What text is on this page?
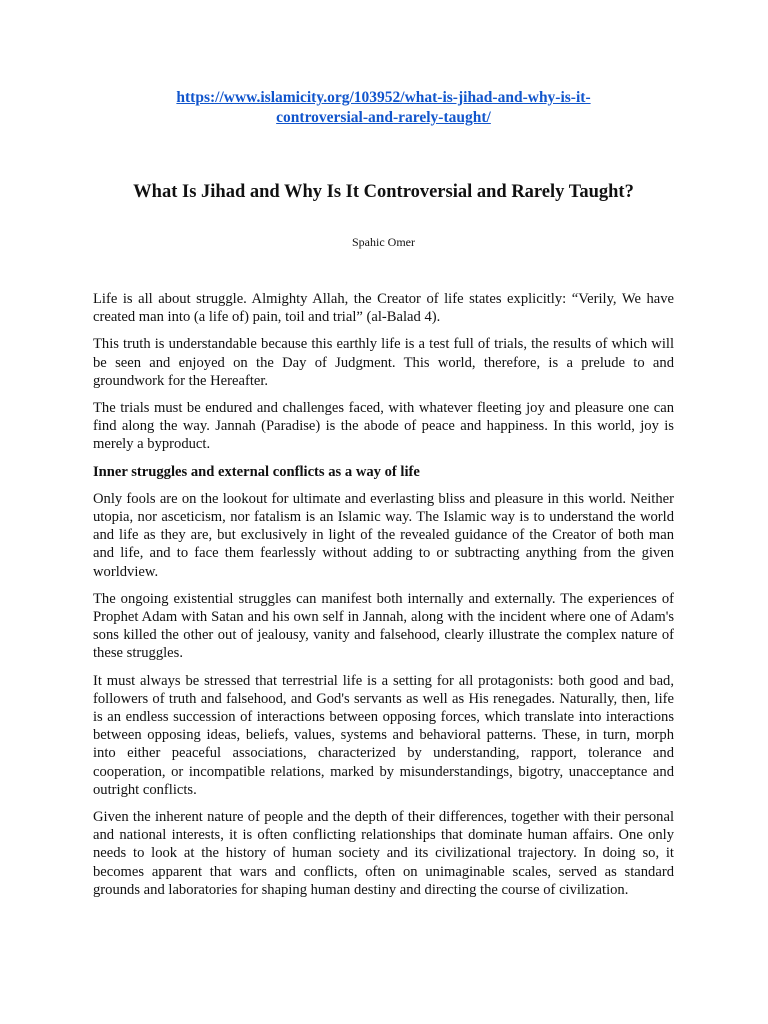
https://www.islamicity.org/103952/what-is-jihad-and-why-is-it-controversial-and-rarely-taught/
What Is Jihad and Why Is It Controversial and Rarely Taught?
Spahic Omer
Life is all about struggle. Almighty Allah, the Creator of life states explicitly: “Verily, We have created man into (a life of) pain, toil and trial” (al-Balad 4).
This truth is understandable because this earthly life is a test full of trials, the results of which will be seen and enjoyed on the Day of Judgment. This world, therefore, is a prelude to and groundwork for the Hereafter.
The trials must be endured and challenges faced, with whatever fleeting joy and pleasure one can find along the way. Jannah (Paradise) is the abode of peace and happiness. In this world, joy is merely a byproduct.
Inner struggles and external conflicts as a way of life
Only fools are on the lookout for ultimate and everlasting bliss and pleasure in this world. Neither utopia, nor asceticism, nor fatalism is an Islamic way. The Islamic way is to understand the world and life as they are, but exclusively in light of the revealed guidance of the Creator of both man and life, and to face them fearlessly without adding to or subtracting anything from the given worldview.
The ongoing existential struggles can manifest both internally and externally. The experiences of Prophet Adam with Satan and his own self in Jannah, along with the incident where one of Adam's sons killed the other out of jealousy, vanity and falsehood, clearly illustrate the complex nature of these struggles.
It must always be stressed that terrestrial life is a setting for all protagonists: both good and bad, followers of truth and falsehood, and God's servants as well as His renegades. Naturally, then, life is an endless succession of interactions between opposing forces, which translate into interactions between opposing ideas, beliefs, values, systems and behavioral patterns. These, in turn, morph into either peaceful associations, characterized by understanding, rapport, tolerance and cooperation, or incompatible relations, marked by misunderstandings, bigotry, unacceptance and outright conflicts.
Given the inherent nature of people and the depth of their differences, together with their personal and national interests, it is often conflicting relationships that dominate human affairs. One only needs to look at the history of human society and its civilizational trajectory. In doing so, it becomes apparent that wars and conflicts, often on unimaginable scales, served as standard grounds and laboratories for shaping human destiny and directing the course of civilization.
